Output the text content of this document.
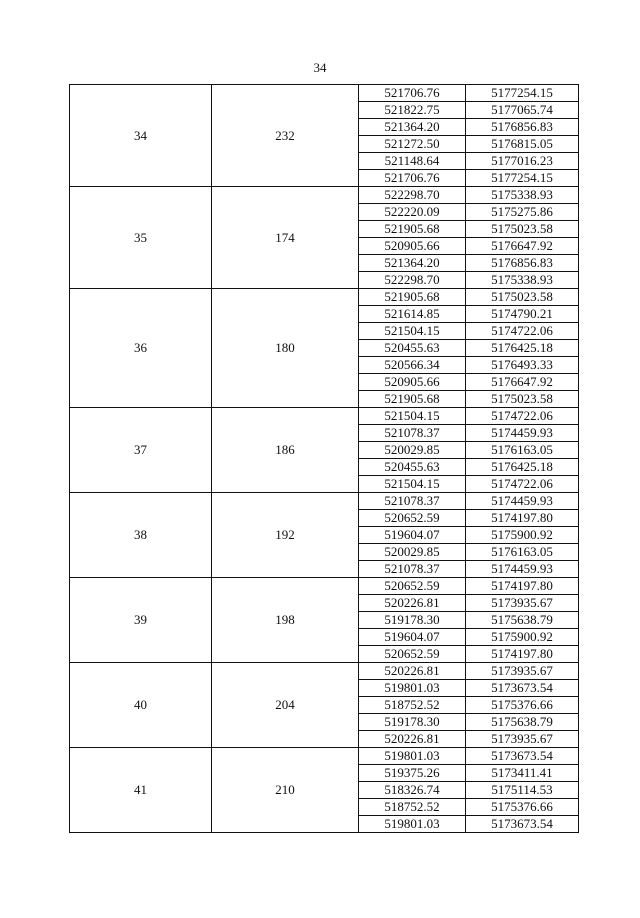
34
34	232	521706.76	5177254.15
		521822.75	5177065.74
		521364.20	5176856.83
		521272.50	5176815.05
		521148.64	5177016.23
		521706.76	5177254.15
35	174	522298.70	5175338.93
		522220.09	5175275.86
		521905.68	5175023.58
		520905.66	5176647.92
		521364.20	5176856.83
		522298.70	5175338.93
36	180	521905.68	5175023.58
		521614.85	5174790.21
		521504.15	5174722.06
		520455.63	5176425.18
		520566.34	5176493.33
		520905.66	5176647.92
		521905.68	5175023.58
37	186	521504.15	5174722.06
		521078.37	5174459.93
		520029.85	5176163.05
		520455.63	5176425.18
		521504.15	5174722.06
38	192	521078.37	5174459.93
		520652.59	5174197.80
		519604.07	5175900.92
		520029.85	5176163.05
		521078.37	5174459.93
39	198	520652.59	5174197.80
		520226.81	5173935.67
		519178.30	5175638.79
		519604.07	5175900.92
		520652.59	5174197.80
40	204	520226.81	5173935.67
		519801.03	5173673.54
		518752.52	5175376.66
		519178.30	5175638.79
		520226.81	5173935.67
41	210	519801.03	5173673.54
		519375.26	5173411.41
		518326.74	5175114.53
		518752.52	5175376.66
		519801.03	5173673.54
